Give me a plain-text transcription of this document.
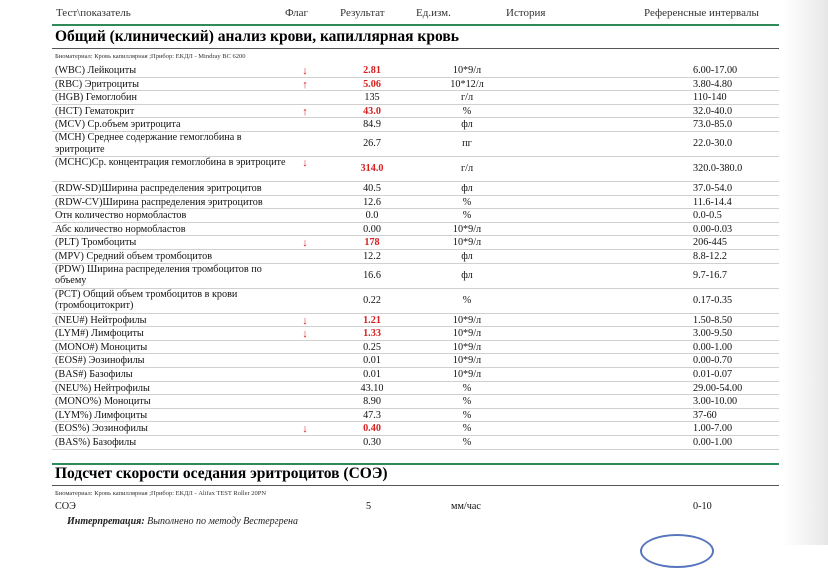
Тест\показатель	Флаг	Результат	Ед.изм.	История	Референсные интервалы
Общий (клинический) анализ крови, капиллярная кровь
Биоматериал: Кровь капиллярная ;Прибор: ЕКДЛ - Mindray BC 6200
(WBC) Лейкоциты	↓	2.81	10*9/л	6.00-17.00
(RBC) Эритроциты	↑	5.06	10*12/л	3.80-4.80
(HGB) Гемоглобин	135	г/л	110-140
(HCT) Гематокрит	↑	43.0	%	32.0-40.0
(MCV) Ср.объем эритроцита	84.9	фл	73.0-85.0
(MCH) Среднее содержание гемоглобина в эритроците	26.7	пг	22.0-30.0
(MCHC)Ср. концентрация гемоглобина в эритроците	↓	314.0	г/л	320.0-380.0
(RDW-SD)Ширина распределения эритроцитов	40.5	фл	37.0-54.0
(RDW-CV)Ширина распределения эритроцитов	12.6	%	11.6-14.4
Отн количество нормобластов	0.0	%	0.0-0.5
Абс количество нормобластов	0.00	10*9/л	0.00-0.03
(PLT) Тромбоциты	↓	178	10*9/л	206-445
(MPV) Средний объем тромбоцитов	12.2	фл	8.8-12.2
(PDW) Ширина распределения тромбоцитов по объему	16.6	фл	9.7-16.7
(PCT) Общий объем тромбоцитов в крови (тромбоцитокрит)	0.22	%	0.17-0.35
(NEU#) Нейтрофилы	↓	1.21	10*9/л	1.50-8.50
(LYM#) Лимфоциты	↓	1.33	10*9/л	3.00-9.50
(MONO#) Моноциты	0.25	10*9/л	0.00-1.00
(EOS#) Эозинофилы	0.01	10*9/л	0.00-0.70
(BAS#) Базофилы	0.01	10*9/л	0.01-0.07
(NEU%) Нейтрофилы	43.10	%	29.00-54.00
(MONO%) Моноциты	8.90	%	3.00-10.00
(LYM%) Лимфоциты	47.3	%	37-60
(EOS%) Эозинофилы	↓	0.40	%	1.00-7.00
(BAS%) Базофилы	0.30	%	0.00-1.00
Подсчет скорости оседания эритроцитов (СОЭ)
Биоматериал: Кровь капиллярная ;Прибор: ЕКДЛ - Alifax TEST Roller 20PN
СОЭ	5	мм/час	0-10
Интерпретация: Выполнено по методу Вестергрена
